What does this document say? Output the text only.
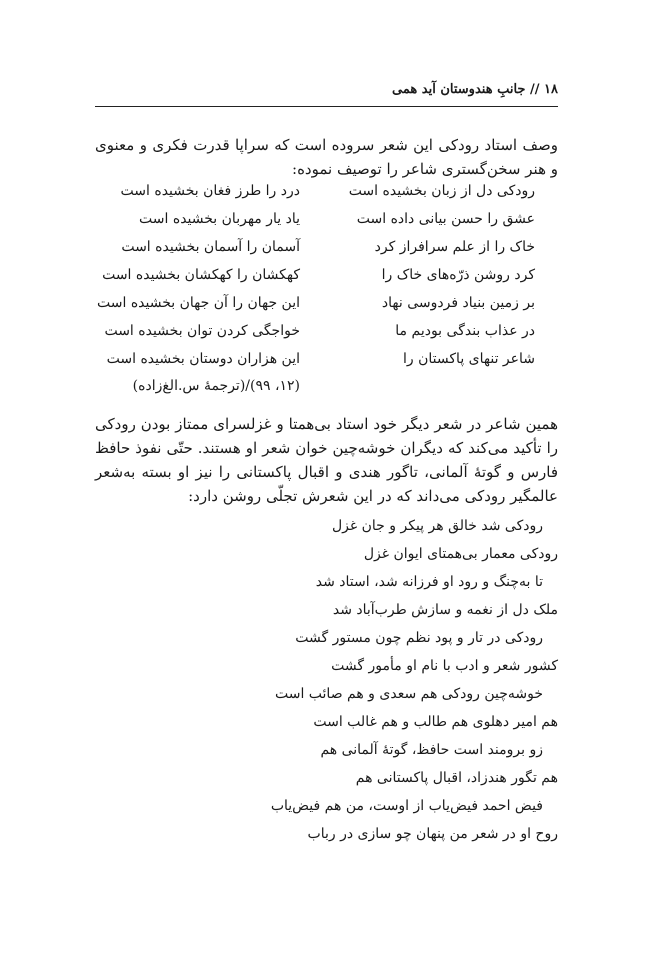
۱۸ // جانبِ هندوستان آید همی
وصف استاد رودکی این شعر سروده است که سراپا قدرت فکری و معنوی و هنر سخن‌گستری شاعر را توصیف نموده:
رودکی دل از زبان بخشیده است
درد را طرز فغان بخشیده است
عشق را حسن بیانی داده است
یاد یار مهربان بخشیده است
خاک را از علم سرافراز کرد
آسمان را آسمان بخشیده است
کرد روشن ذرّه‌های خاک را
کهکشان را کهکشان بخشیده است
بر زمین بنیاد فردوسی نهاد
این جهان را آن جهان بخشیده است
در عذاب بندگی بودیم ما
خواجگی کردن توان بخشیده است
شاعر تنهای پاکستان را
این هزاران دوستان بخشیده است
(۱۲، ۹۹)/(ترجمهٔ س.الغ‌زاده)
همین شاعر در شعر دیگر خود استاد بی‌همتا و غزلسرای ممتاز بودن رودکی را تأکید می‌کند که دیگران خوشه‌چین خوان شعر او هستند. حتّی نفوذ حافظ فارس و گوتهٔ آلمانی، تاگور هندی و اقبال پاکستانی را نیز او بسته به‌شعر عالمگیر رودکی می‌داند که در این شعرش تجلّی روشن دارد:
رودکی شد خالق هر پیکر و جان غزل
رودکی معمار بی‌همتای ایوان غزل
تا به‌چنگ و رود او فرزانه شد، استاد شد
ملک دل از نغمه و سازش طرب‌آباد شد
رودکی در تار و پود نظم چون مستور گشت
کشور شعر و ادب با نام او مأمور گشت
خوشه‌چین رودکی هم سعدی و هم صائب است
هم امیر دهلوی هم طالب و هم غالب است
زو برومند است حافظ، گوتهٔ آلمانی هم
هم تگور هندزاد، اقبال پاکستانی هم
فیض احمد فیض‌یاب از اوست، من هم فیض‌یاب
روح او در شعر من پنهان چو سازی در رباب
